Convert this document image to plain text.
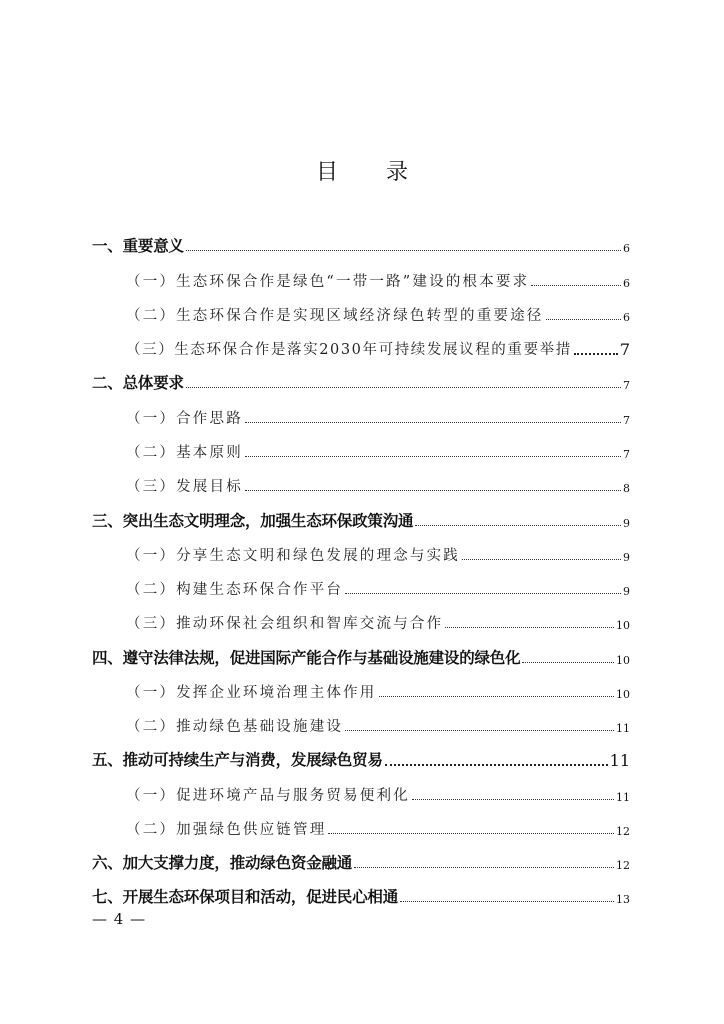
目 录
一、重要意义	6
（一）生态环保合作是绿色“一带一路”建设的根本要求	6
（二）生态环保合作是实现区域经济绿色转型的重要途径	6
（三）生态环保合作是落实2030年可持续发展议程的重要举措	7
二、总体要求	7
（一）合作思路	7
（二）基本原则	7
（三）发展目标	8
三、突出生态文明理念，加强生态环保政策沟通	9
（一）分享生态文明和绿色发展的理念与实践	9
（二）构建生态环保合作平台	9
（三）推动环保社会组织和智库交流与合作	10
四、遵守法律法规，促进国际产能合作与基础设施建设的绿色化	10
（一）发挥企业环境治理主体作用	10
（二）推动绿色基础设施建设	11
五、推动可持续生产与消费，发展绿色贸易	11
（一）促进环境产品与服务贸易便利化	11
（二）加强绿色供应链管理	12
六、加大支撑力度，推动绿色资金融通	12
七、开展生态环保项目和活动，促进民心相通	13
— 4 —
